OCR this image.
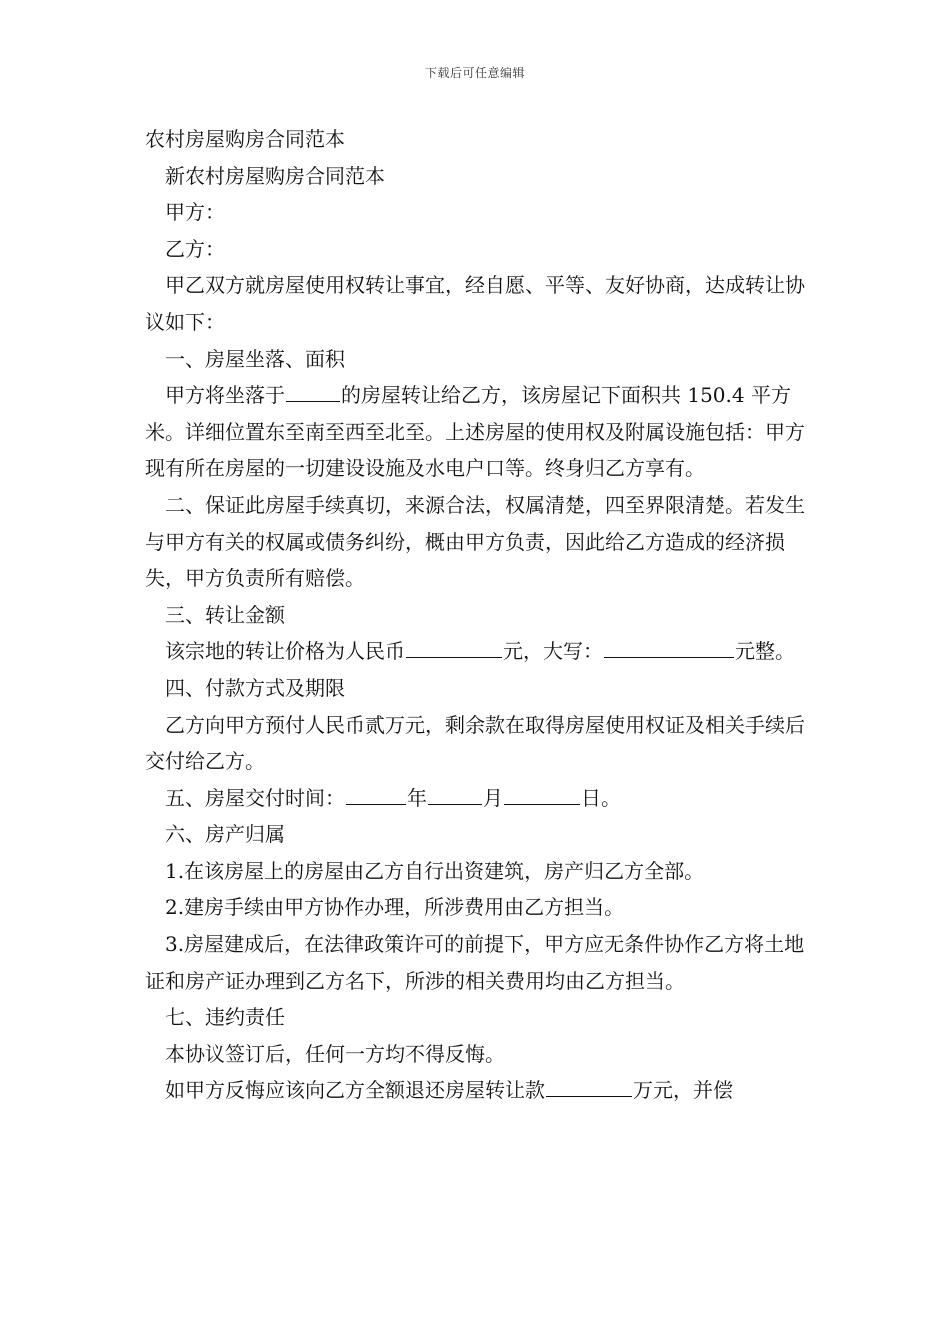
下载后可任意编辑

农村房屋购房合同范本

新农村房屋购房合同范本

甲方：

乙方：

甲乙双方就房屋使用权转让事宜，经自愿、平等、友好协商，达成转让协议如下：

一、房屋坐落、面积

甲方将坐落于	的房屋转让给乙方，该房屋记下面积共 150.4 平方米。详细位置东至南至西至北至。上述房屋的使用权及附属设施包括：甲方现有所在房屋的一切建设设施及水电户口等。终身归乙方享有。

二、保证此房屋手续真切，来源合法，权属清楚，四至界限清楚。若发生与甲方有关的权属或债务纠纷，概由甲方负责，因此给乙方造成的经济损失，甲方负责所有赔偿。

三、转让金额

该宗地的转让价格为人民币	元，大写：	元整。

四、付款方式及期限

乙方向甲方预付人民币贰万元，剩余款在取得房屋使用权证及相关手续后交付给乙方。

五、房屋交付时间：	年	月	日。

六、房产归属

1.在该房屋上的房屋由乙方自行出资建筑，房产归乙方全部。

2.建房手续由甲方协作办理，所涉费用由乙方担当。

3.房屋建成后，在法律政策许可的前提下，甲方应无条件协作乙方将土地证和房产证办理到乙方名下，所涉的相关费用均由乙方担当。

七、违约责任

本协议签订后，任何一方均不得反悔。

如甲方反悔应该向乙方全额退还房屋转让款	万元，并偿
